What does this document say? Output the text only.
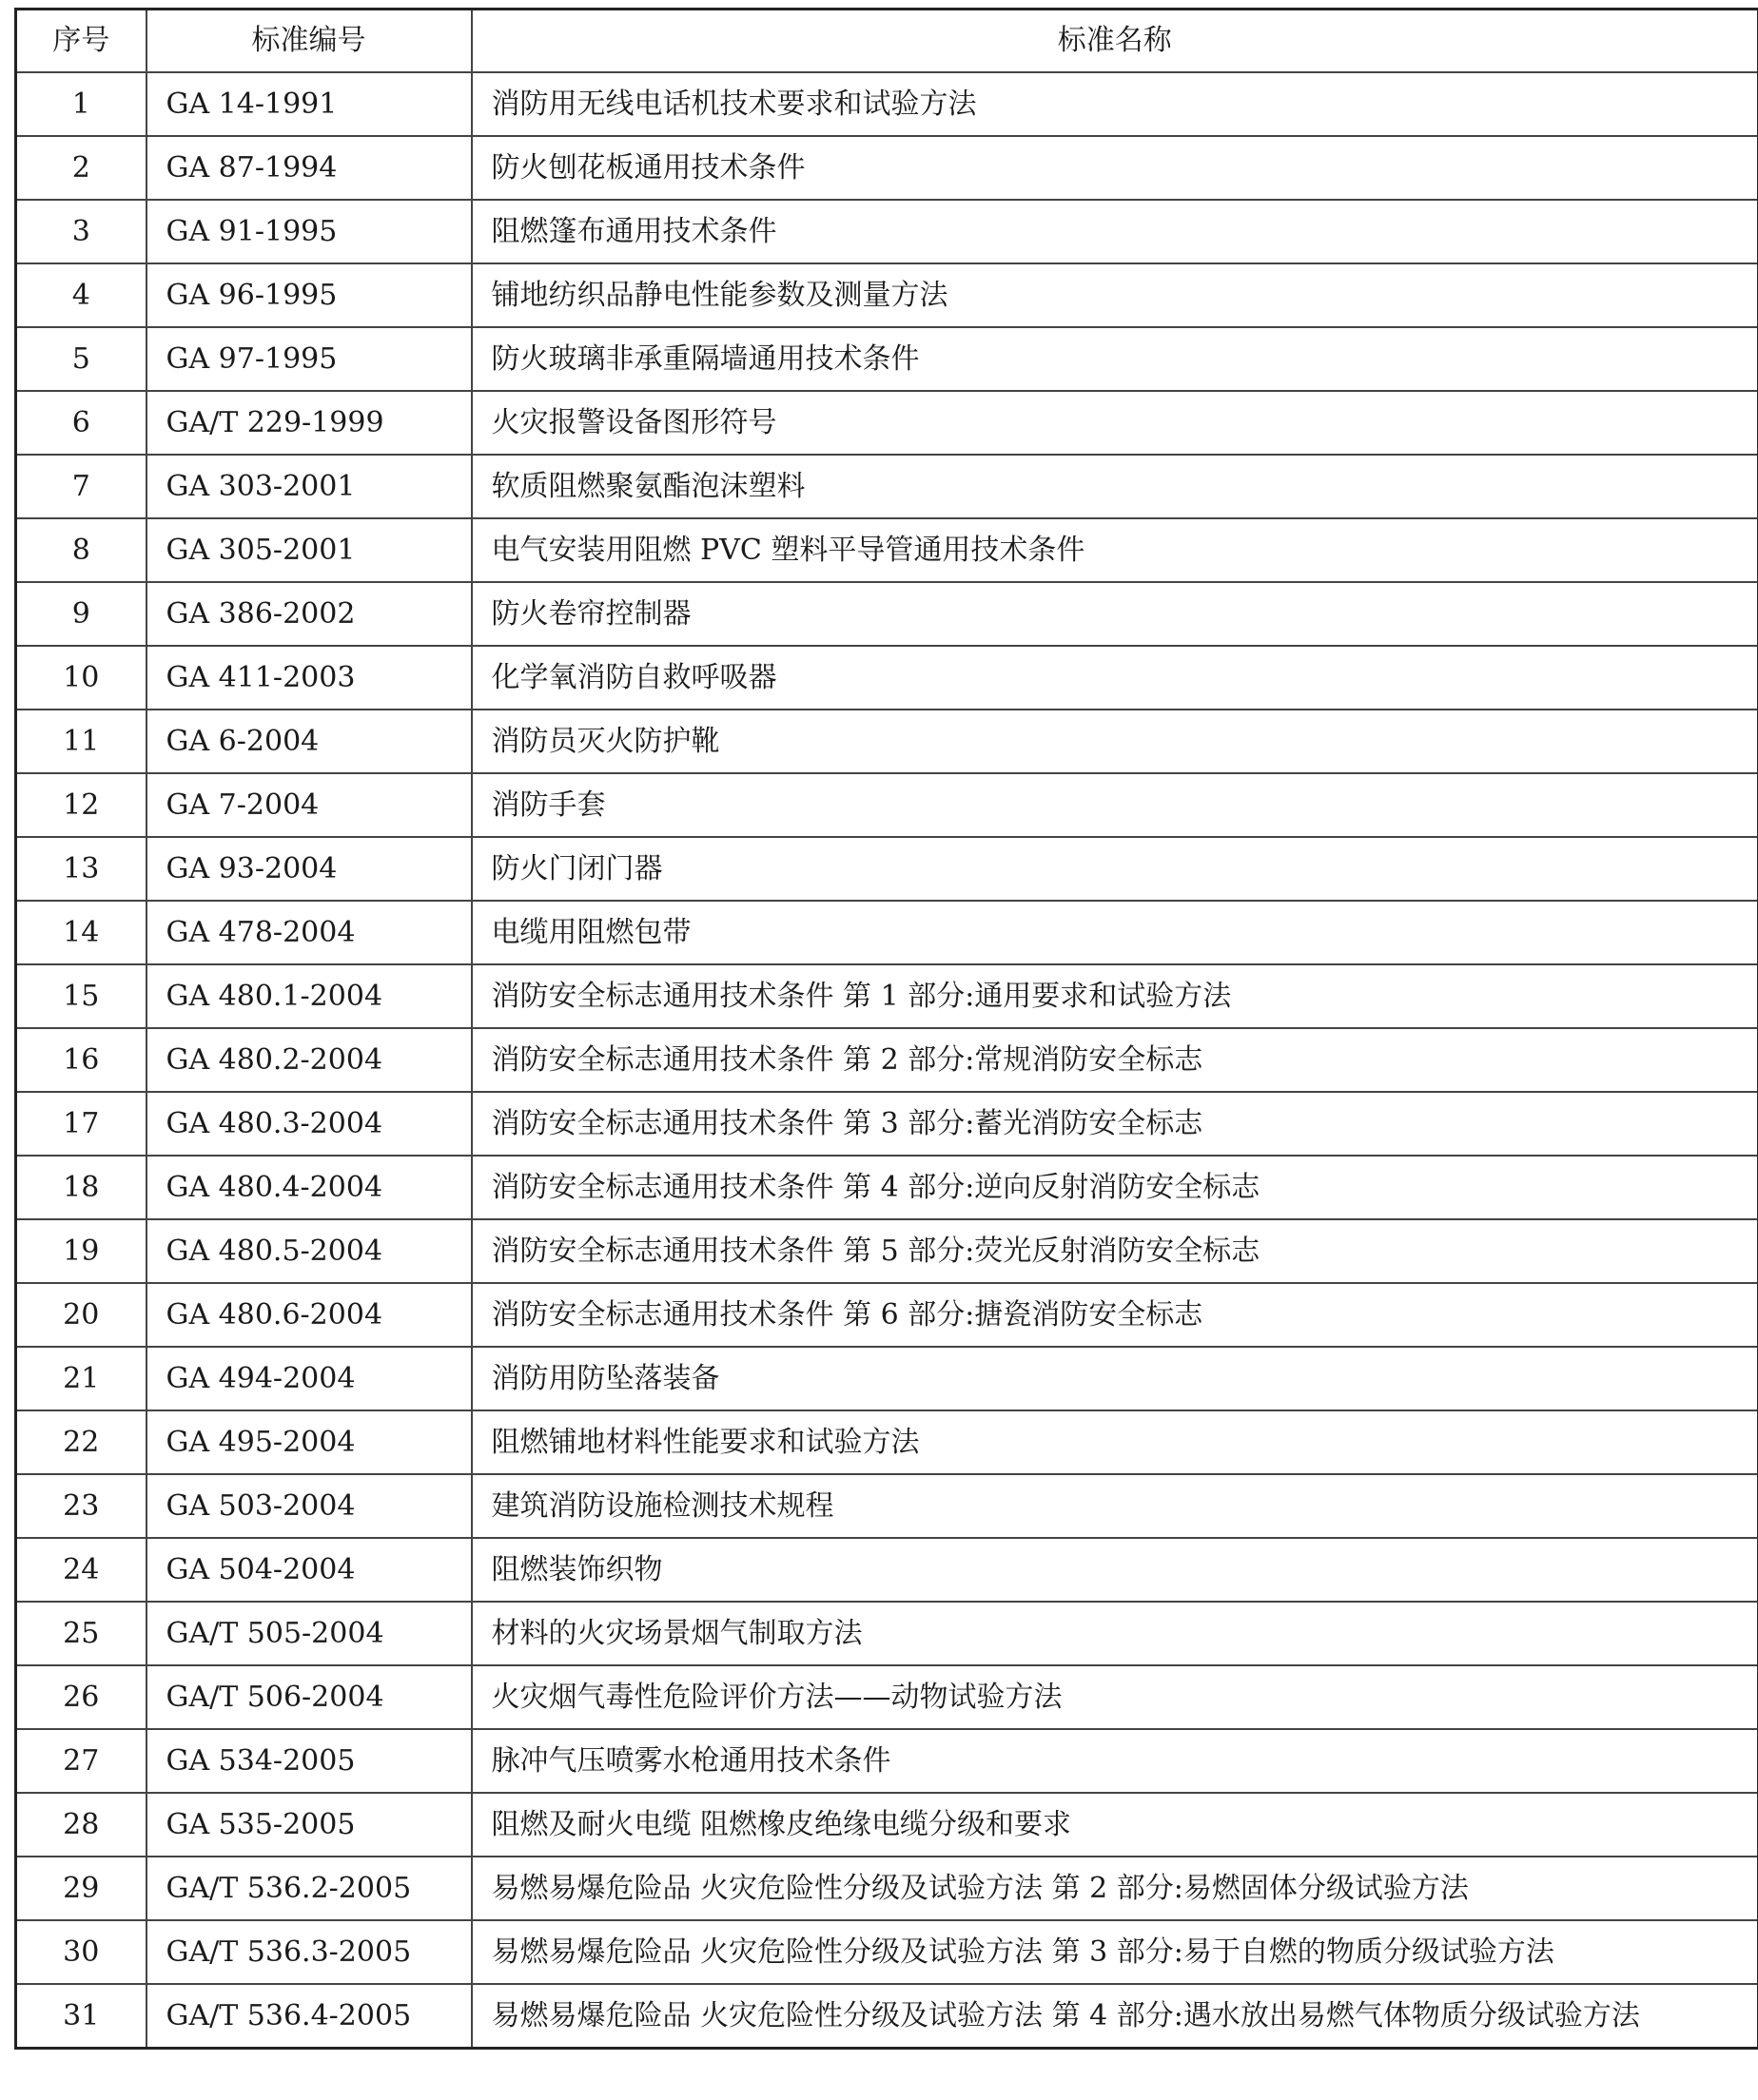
序号	标准编号	标准名称
1	GA 14-1991	消防用无线电话机技术要求和试验方法
2	GA 87-1994	防火刨花板通用技术条件
3	GA 91-1995	阻燃篷布通用技术条件
4	GA 96-1995	铺地纺织品静电性能参数及测量方法
5	GA 97-1995	防火玻璃非承重隔墙通用技术条件
6	GA/T 229-1999	火灾报警设备图形符号
7	GA 303-2001	软质阻燃聚氨酯泡沫塑料
8	GA 305-2001	电气安装用阻燃 PVC 塑料平导管通用技术条件
9	GA 386-2002	防火卷帘控制器
10	GA 411-2003	化学氧消防自救呼吸器
11	GA 6-2004	消防员灭火防护靴
12	GA 7-2004	消防手套
13	GA 93-2004	防火门闭门器
14	GA 478-2004	电缆用阻燃包带
15	GA 480.1-2004	消防安全标志通用技术条件 第 1 部分:通用要求和试验方法
16	GA 480.2-2004	消防安全标志通用技术条件 第 2 部分:常规消防安全标志
17	GA 480.3-2004	消防安全标志通用技术条件 第 3 部分:蓄光消防安全标志
18	GA 480.4-2004	消防安全标志通用技术条件 第 4 部分:逆向反射消防安全标志
19	GA 480.5-2004	消防安全标志通用技术条件 第 5 部分:荧光反射消防安全标志
20	GA 480.6-2004	消防安全标志通用技术条件 第 6 部分:搪瓷消防安全标志
21	GA 494-2004	消防用防坠落装备
22	GA 495-2004	阻燃铺地材料性能要求和试验方法
23	GA 503-2004	建筑消防设施检测技术规程
24	GA 504-2004	阻燃装饰织物
25	GA/T 505-2004	材料的火灾场景烟气制取方法
26	GA/T 506-2004	火灾烟气毒性危险评价方法——动物试验方法
27	GA 534-2005	脉冲气压喷雾水枪通用技术条件
28	GA 535-2005	阻燃及耐火电缆 阻燃橡皮绝缘电缆分级和要求
29	GA/T 536.2-2005	易燃易爆危险品 火灾危险性分级及试验方法 第 2 部分:易燃固体分级试验方法
30	GA/T 536.3-2005	易燃易爆危险品 火灾危险性分级及试验方法 第 3 部分:易于自燃的物质分级试验方法
31	GA/T 536.4-2005	易燃易爆危险品 火灾危险性分级及试验方法 第 4 部分:遇水放出易燃气体物质分级试验方法
